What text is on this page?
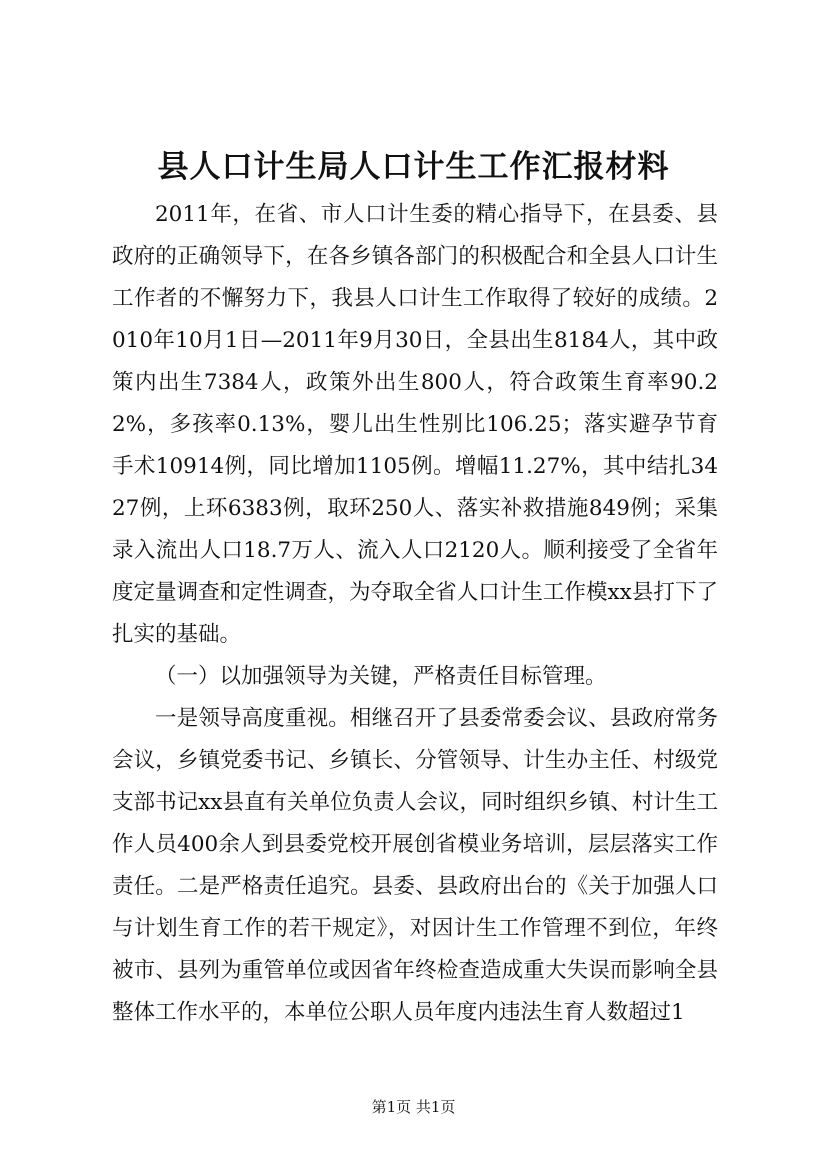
县人口计生局人口计生工作汇报材料

2011年，在省、市人口计生委的精心指导下，在县委、县政府的正确领导下，在各乡镇各部门的积极配合和全县人口计生工作者的不懈努力下，我县人口计生工作取得了较好的成绩。2010年10月1日—2011年9月30日，全县出生8184人，其中政策内出生7384人，政策外出生800人，符合政策生育率90.22%，多孩率0.13%，婴儿出生性别比106.25；落实避孕节育手术10914例，同比增加1105例。增幅11.27%，其中结扎3427例，上环6383例，取环250人、落实补救措施849例；采集录入流出人口18.7万人、流入人口2120人。顺利接受了全省年度定量调查和定性调查，为夺取全省人口计生工作模xx县打下了扎实的基础。

（一）以加强领导为关键，严格责任目标管理。

一是领导高度重视。相继召开了县委常委会议、县政府常务会议，乡镇党委书记、乡镇长、分管领导、计生办主任、村级党支部书记xx县直有关单位负责人会议，同时组织乡镇、村计生工作人员400余人到县委党校开展创省模业务培训，层层落实工作责任。二是严格责任追究。县委、县政府出台的《关于加强人口与计划生育工作的若干规定》，对因计生工作管理不到位，年终被市、县列为重管单位或因省年终检查造成重大失误而影响全县整体工作水平的，本单位公职人员年度内违法生育人数超过1

第1页 共1页
